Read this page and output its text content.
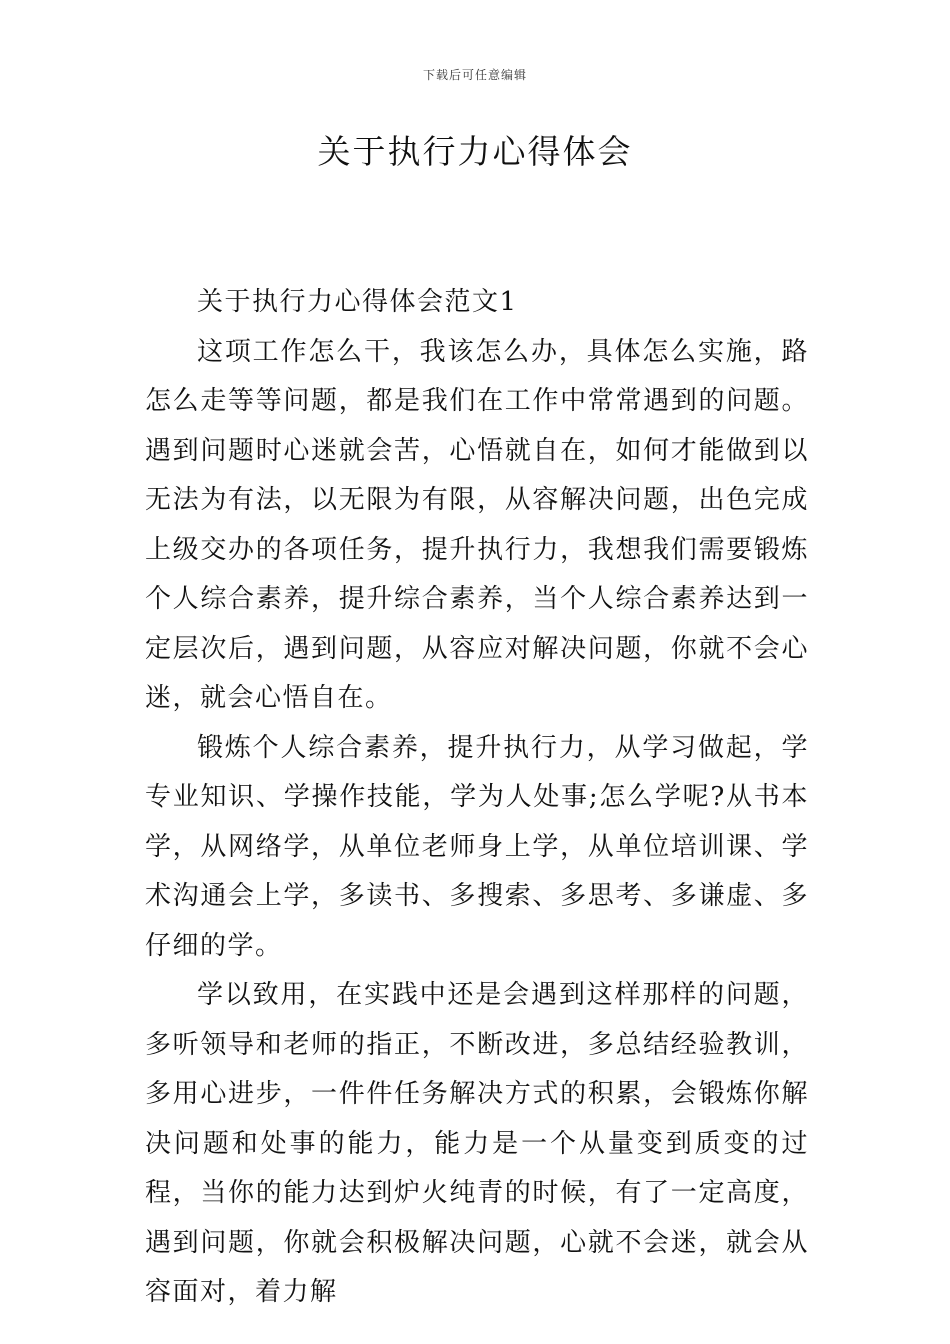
下载后可任意编辑
关于执行力心得体会

关于执行力心得体会范文1

这项工作怎么干，我该怎么办，具体怎么实施，路怎么走等等问题，都是我们在工作中常常遇到的问题。遇到问题时心迷就会苦，心悟就自在，如何才能做到以无法为有法，以无限为有限，从容解决问题，出色完成上级交办的各项任务，提升执行力，我想我们需要锻炼个人综合素养，提升综合素养，当个人综合素养达到一定层次后，遇到问题，从容应对解决问题，你就不会心迷，就会心悟自在。

锻炼个人综合素养，提升执行力，从学习做起，学专业知识、学操作技能，学为人处事;怎么学呢?从书本学，从网络学，从单位老师身上学，从单位培训课、学术沟通会上学，多读书、多搜索、多思考、多谦虚、多仔细的学。

学以致用，在实践中还是会遇到这样那样的问题，多听领导和老师的指正，不断改进，多总结经验教训，多用心进步，一件件任务解决方式的积累，会锻炼你解决问题和处事的能力，能力是一个从量变到质变的过程，当你的能力达到炉火纯青的时候，有了一定高度，遇到问题，你就会积极解决问题，心就不会迷，就会从容面对，着力解
